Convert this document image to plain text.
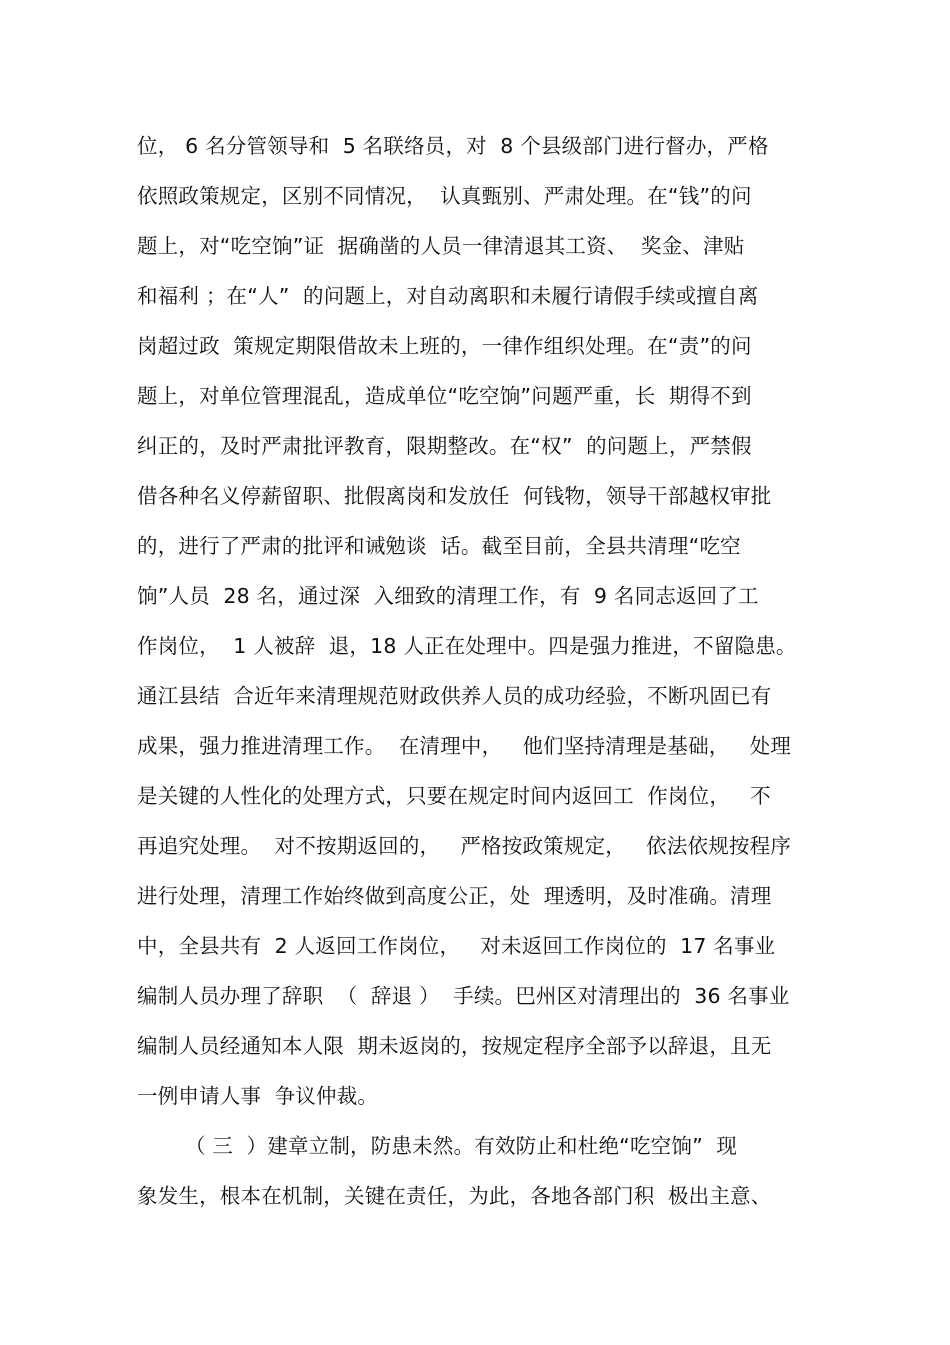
位， 6 名分管领导和  5 名联络员，对  8 个县级部门进行督办，严格
依照政策规定，区别不同情况，  认真甄别、严肃处理。在“钱”的问
题上，对“吃空饷”证  据确凿的人员一律清退其工资、  奖金、津贴
和福利 ；在“人”  的问题上，对自动离职和未履行请假手续或擅自离
岗超过政  策规定期限借故未上班的，一律作组织处理。在“责”的问
题上，对单位管理混乱，造成单位“吃空饷”问题严重，长  期得不到
纠正的，及时严肃批评教育，限期整改。在“权”  的问题上，严禁假
借各种名义停薪留职、批假离岗和发放任  何钱物，领导干部越权审批
的，进行了严肃的批评和诫勉谈  话。截至目前，全县共清理“吃空
饷”人员  28 名，通过深  入细致的清理工作，有  9 名同志返回了工
作岗位，  1 人被辞  退，18 人正在处理中。四是强力推进，不留隐患。
通江县结  合近年来清理规范财政供养人员的成功经验，不断巩固已有
成果，强力推进清理工作。  在清理中，   他们坚持清理是基础，   处理
是关键的人性化的处理方式，只要在规定时间内返回工  作岗位，   不
再追究处理。  对不按期返回的，   严格按政策规定，   依法依规按程序
进行处理，清理工作始终做到高度公正，处  理透明，及时准确。清理
中，全县共有  2 人返回工作岗位，   对未返回工作岗位的  17 名事业
编制人员办理了辞职  （  辞退 ）  手续。巴州区对清理出的  36 名事业
编制人员经通知本人限  期未返岗的，按规定程序全部予以辞退，且无
一例申请人事  争议仲裁。
（ 三  ）建章立制，防患未然。有效防止和杜绝“吃空饷”  现
象发生，根本在机制，关键在责任，为此，各地各部门积  极出主意、
